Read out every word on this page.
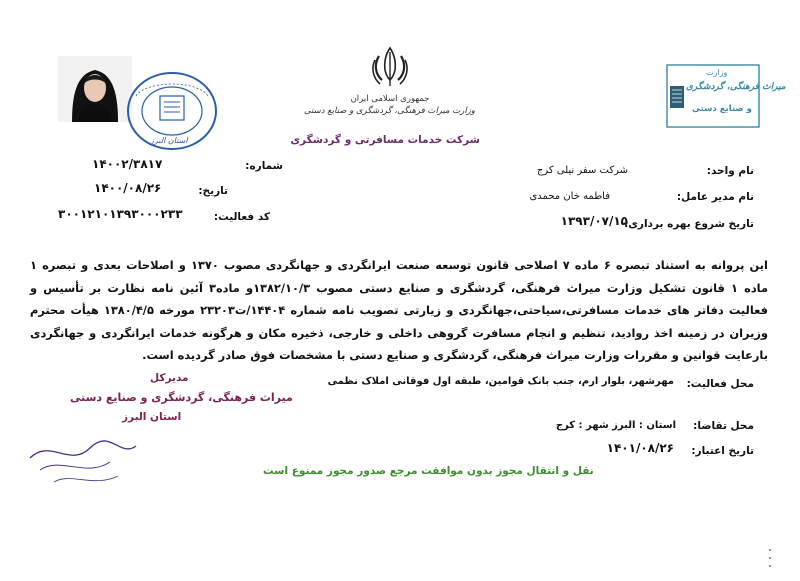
جمهوری اسلامی ایران
وزارت میراث فرهنگی، گردشگری و صنایع دستی
شرکت خدمات مسافرتی و گردشگری
وزارت
میراث فرهنگی، گردشگری
و صنایع دستی
استان البرز
نام واحد:
شرکت سفر نیلی کرج
نام مدیر عامل:
فاطمه خان محمدی
تاریخ شروع بهره برداری:
۱۳۹۳/۰۷/۱۵
شماره:
۱۴۰۰۲/۳۸۱۷
تاریخ:
۱۴۰۰/۰۸/۲۶
کد فعالیت:
۳۰۰۱۲۱۰۱۳۹۳۰۰۰۲۳۳
این پروانه به استناد تبصره ۶ ماده ۷ اصلاحی قانون توسعه صنعت ایرانگردی و جهانگردی مصوب ۱۳۷۰ و اصلاحات بعدی و تبصره ۱ ماده ۱ قانون تشکیل وزارت میراث فرهنگی، گردشگری و صنایع دستی مصوب ۱۳۸۲/۱۰/۳و ماده۳ آئین نامه نظارت بر تأسیس و فعالیت دفاتر های خدمات مسافرتی،سیاحتی،جهانگردی و زیارتی تصویب نامه شماره ۱۴۴۰۴/ت۲۳۲۰۳ مورخه ۱۳۸۰/۴/۵ هیأت محترم وزیران در زمینه اخذ روادید، تنظیم و انجام مسافرت گروهی داخلی و خارجی، ذخیره مکان و هرگونه خدمات ایرانگردی و جهانگردی بارعایت قوانین و مقررات وزارت میراث فرهنگی، گردشگری و صنایع دستی با مشخصات فوق صادر گردیده است.
محل فعالیت:
مهرشهر، بلوار ارم، جنب بانک قوامین، طبقه اول فوقانی املاک نظمی
محل تقاضا:
استان : البرز شهر : کرج
تاریخ اعتبار:
۱۴۰۱/۰۸/۲۶
مدیرکل
میراث فرهنگی، گردشگری و صنایع دستی
استان البرز
نقل و انتقال مجوز بدون موافقت مرجع صدور مجوز ممنوع است
